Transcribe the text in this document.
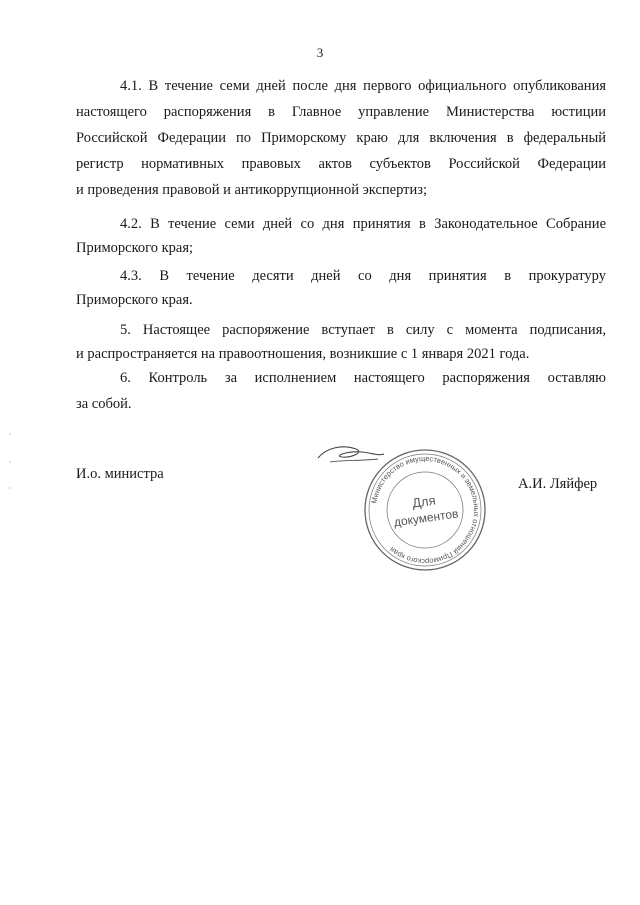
3
4.1. В течение семи дней после дня первого официального опубликования
настоящего распоряжения в Главное управление Министерства юстиции
Российской Федерации по Приморскому краю для включения в федеральный
регистр нормативных правовых актов субъектов Российской Федерации
и проведения правовой и антикоррупционной экспертиз;
4.2. В течение семи дней со дня принятия в Законодательное Собрание
Приморского края;
4.3. В течение десяти дней со дня принятия в прокуратуру
Приморского края.
5. Настоящее распоряжение вступает в силу с момента подписания,
и распространяется на правоотношения, возникшие с 1 января 2021 года.
6. Контроль за исполнением настоящего распоряжения оставляю
за собой.
И.о. министра
А.И. Ляйфер
Министерство имущественных и земельных отношений Приморского края
Для
документов
